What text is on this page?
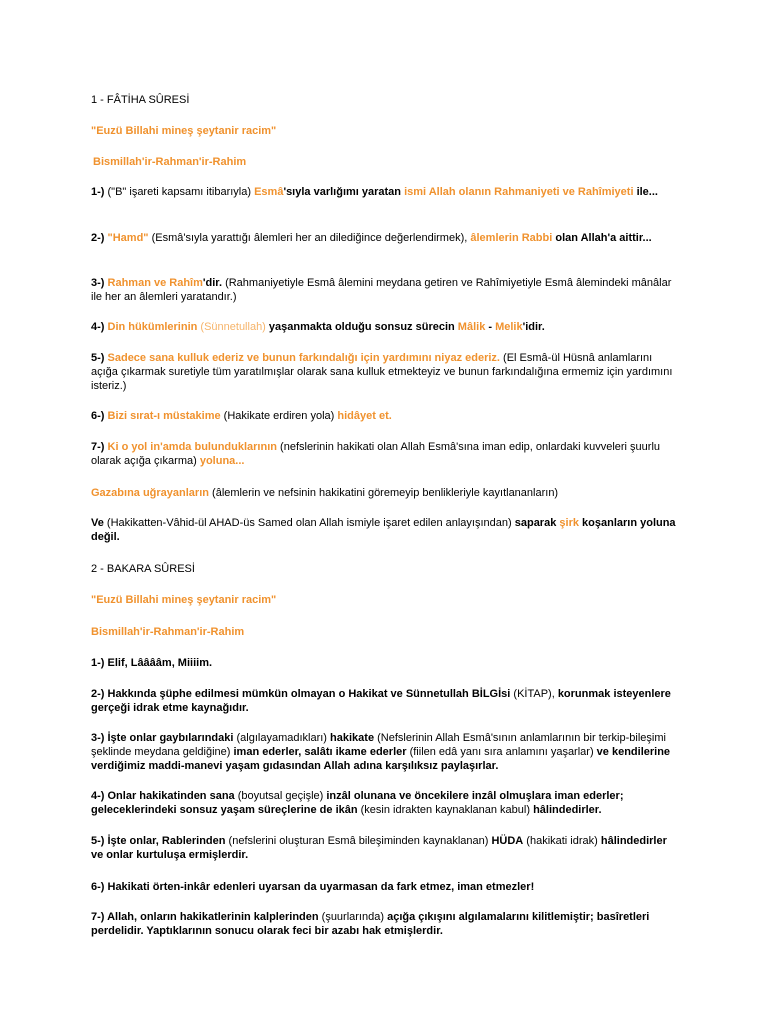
1 - FÂTİHA SÛRESİ

"Euzü Billahi mineş şeytanir racim"

Bismillah'ir-Rahman'ir-Rahim

1-) ("B" işareti kapsamı itibarıyla) Esmâ'sıyla varlığımı yaratan ismi Allah olanın Rahmaniyeti ve Rahîmiyeti ile...

2-) "Hamd" (Esmâ'sıyla yarattığı âlemleri her an dilediğince değerlendirmek), âlemlerin Rabbi olan Allah'a aittir...

3-) Rahman ve Rahîm'dir. (Rahmaniyetiyle Esmâ âlemini meydana getiren ve Rahîmiyetiyle Esmâ âlemindeki mânâlar ile her an âlemleri yaratandır.)

4-) Din hükümlerinin (Sünnetullah) yaşanmakta olduğu sonsuz sürecin Mâlik - Melik'idir.

5-) Sadece sana kulluk ederiz ve bunun farkındalığı için yardımını niyaz ederiz. (El Esmâ-ül Hüsnâ anlamlarını açığa çıkarmak suretiyle tüm yaratılmışlar olarak sana kulluk etmekteyiz ve bunun farkındalığına ermemiz için yardımını isteriz.)

6-) Bizi sırat-ı müstakime (Hakikate erdiren yola) hidâyet et.

7-) Ki o yol in'amda bulunduklarının (nefslerinin hakikati olan Allah Esmâ'sına iman edip, onlardaki kuvveleri şuurlu olarak açığa çıkarma) yoluna...

Gazabına uğrayanların (âlemlerin ve nefsinin hakikatini göremeyip benlikleriyle kayıtlananların)

Ve (Hakikatten-Vâhid-ül AHAD-üs Samed olan Allah ismiyle işaret edilen anlayışından) saparak şirk koşanların yoluna değil.

2 - BAKARA SÛRESİ

"Euzü Billahi mineş şeytanir racim"

Bismillah'ir-Rahman'ir-Rahim

1-) Elif, Lââââm, Miiiim.

2-) Hakkında şüphe edilmesi mümkün olmayan o Hakikat ve Sünnetullah BİLGİsi (KİTAP), korunmak isteyenlere gerçeği idrak etme kaynağıdır.

3-) İşte onlar gaybılarındaki (algılayamadıkları) hakikate (Nefslerinin Allah Esmâ'sının anlamlarının bir terkip-bileşimi şeklinde meydana geldiğine) iman ederler, salâtı ikame ederler (fiilen edâ yanı sıra anlamını yaşarlar) ve kendilerine verdiğimiz maddi-manevi yaşam gıdasından Allah adına karşılıksız paylaşırlar.

4-) Onlar hakikatinden sana (boyutsal geçişle) inzâl olunana ve öncekilere inzâl olmuşlara iman ederler; geleceklerindeki sonsuz yaşam süreçlerine de ikân (kesin idrakten kaynaklanan kabul) hâlindedirler.

5-) İşte onlar, Rablerinden (nefslerini oluşturan Esmâ bileşiminden kaynaklanan) HÜDA (hakikati idrak) hâlindedirler ve onlar kurtuluşa ermişlerdir.

6-) Hakikati örten-inkâr edenleri uyarsan da uyarmasan da fark etmez, iman etmezler!

7-) Allah, onların hakikatlerinin kalplerinden (şuurlarında) açığa çıkışını algılamalarını kilitlemiştir; basîretleri perdelidir. Yaptıklarının sonucu olarak feci bir azabı hak etmişlerdir.
